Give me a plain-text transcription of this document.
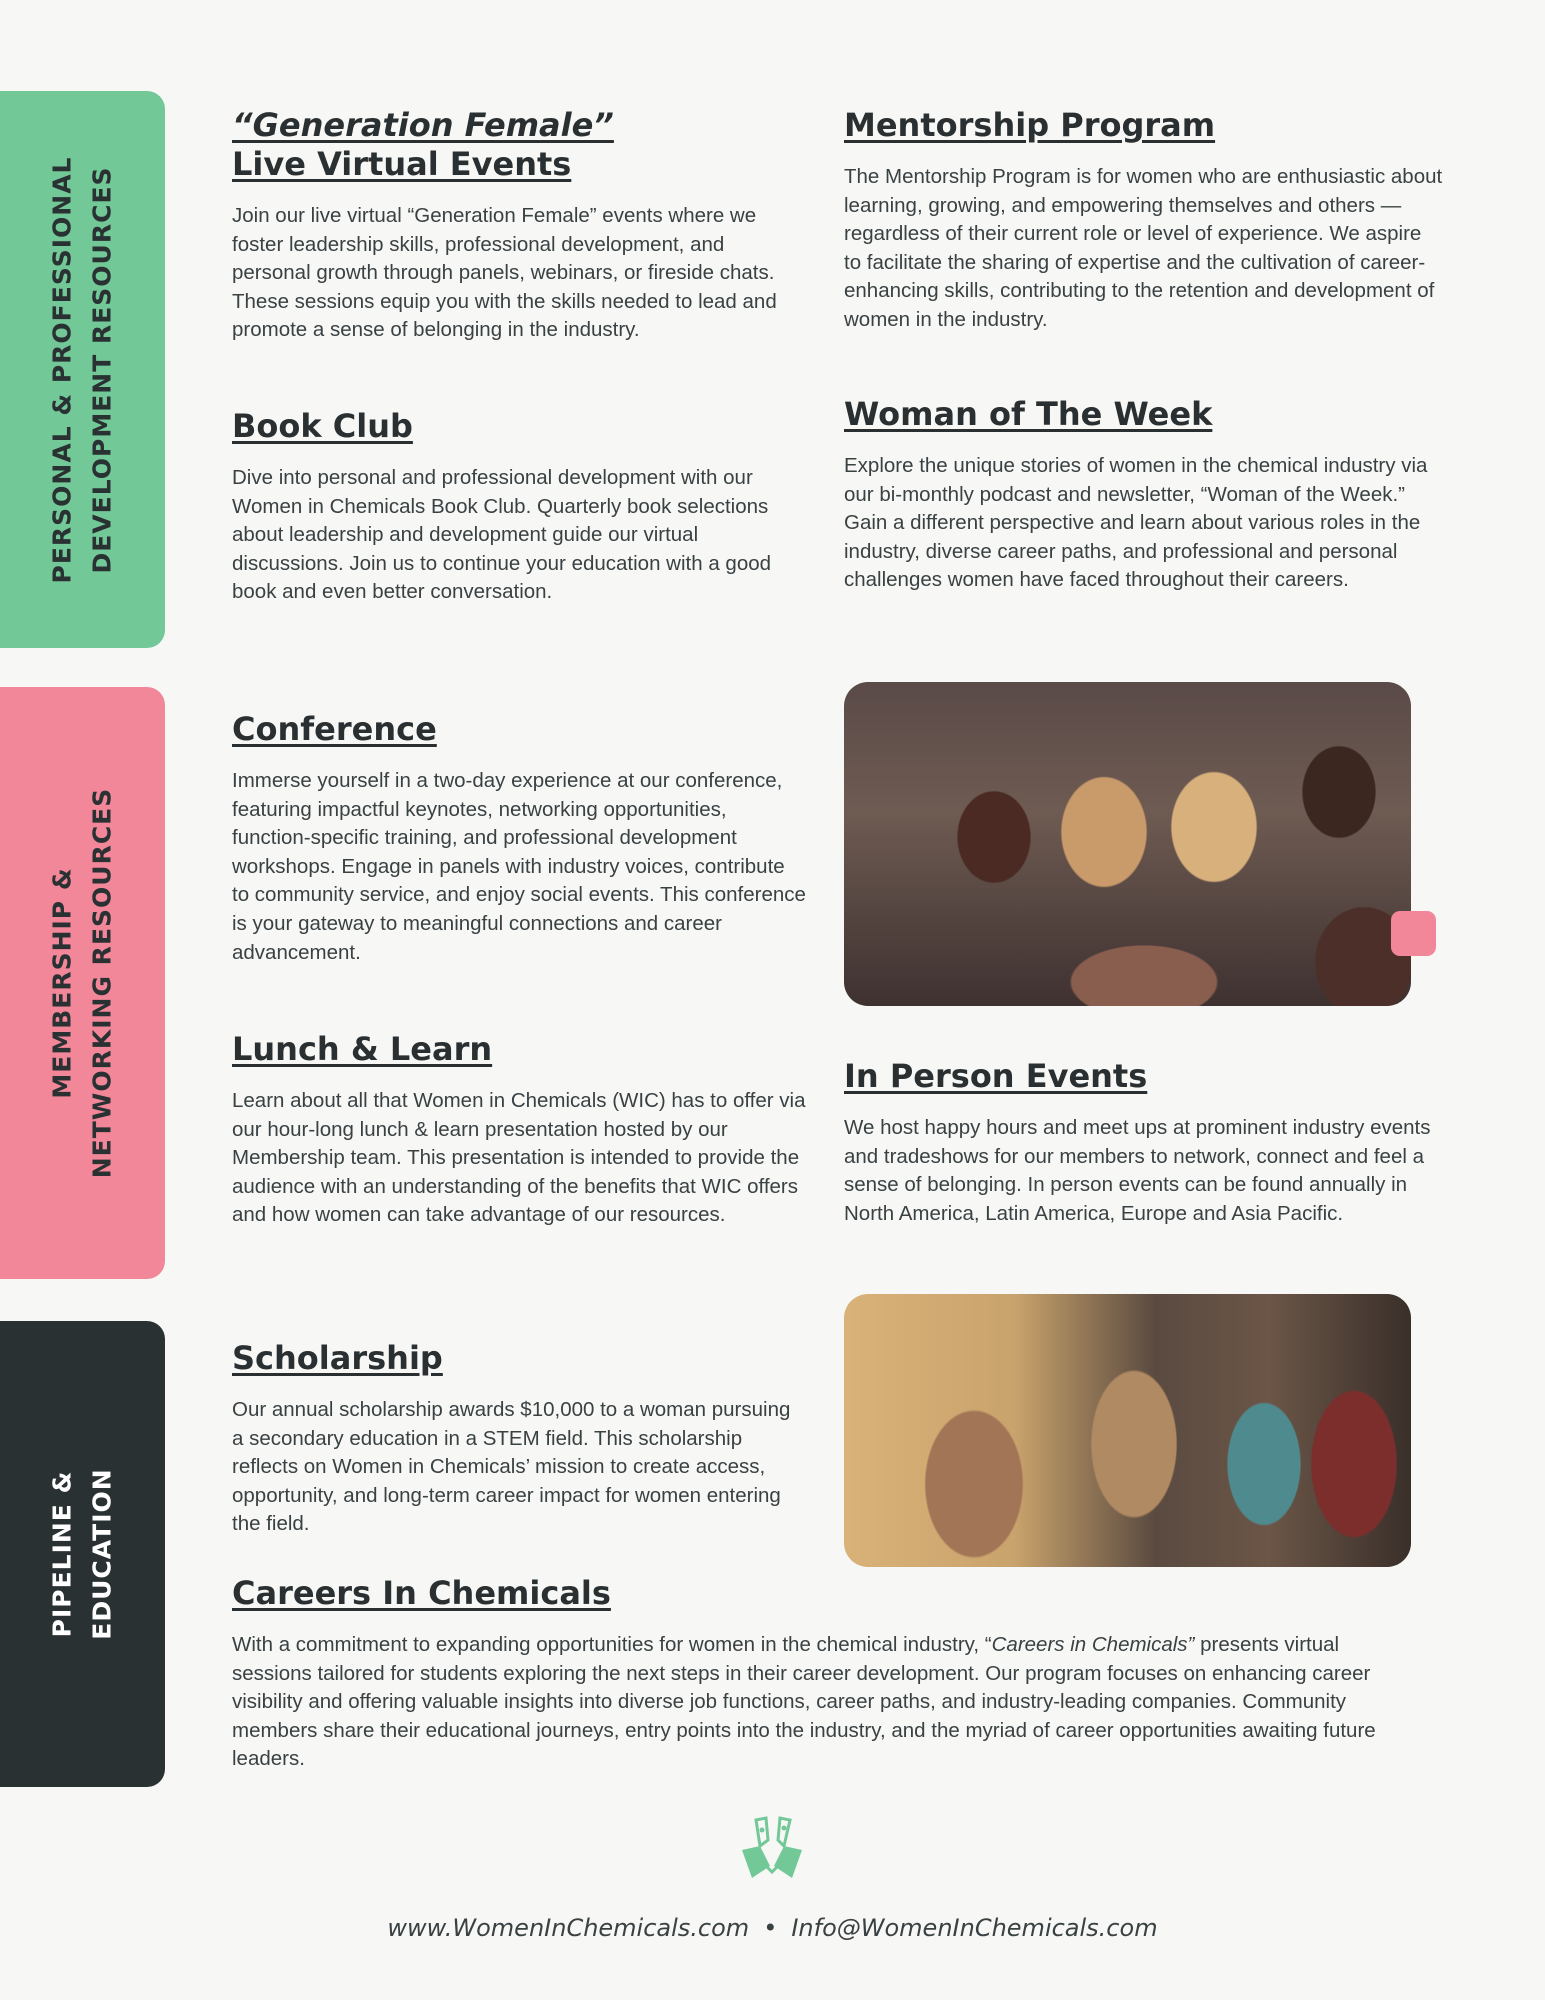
PERSONAL & PROFESSIONAL DEVELOPMENT RESOURCES
MEMBERSHIP & NETWORKING RESOURCES
PIPELINE & EDUCATION
“Generation Female”
Live Virtual Events

Join our live virtual “Generation Female” events where we foster leadership skills, professional development, and personal growth through panels, webinars, or fireside chats. These sessions equip you with the skills needed to lead and promote a sense of belonging in the industry.

Mentorship Program

The Mentorship Program is for women who are enthusiastic about learning, growing, and empowering themselves and others — regardless of their current role or level of experience. We aspire to facilitate the sharing of expertise and the cultivation of career-enhancing skills, contributing to the retention and development of women in the industry.

Book Club

Dive into personal and professional development with our Women in Chemicals Book Club. Quarterly book selections about leadership and development guide our virtual discussions. Join us to continue your education with a good book and even better conversation.

Woman of The Week

Explore the unique stories of women in the chemical industry via our bi-monthly podcast and newsletter, “Woman of the Week.” Gain a different perspective and learn about various roles in the industry, diverse career paths, and professional and personal challenges women have faced throughout their careers.

Conference

Immerse yourself in a two-day experience at our conference, featuring impactful keynotes, networking opportunities, function-specific training, and professional development workshops. Engage in panels with industry voices, contribute to community service, and enjoy social events. This conference is your gateway to meaningful connections and career advancement.

Lunch & Learn

Learn about all that Women in Chemicals (WIC) has to offer via our hour-long lunch & learn presentation hosted by our Membership team. This presentation is intended to provide the audience with an understanding of the benefits that WIC offers and how women can take advantage of our resources.

In Person Events

We host happy hours and meet ups at prominent industry events and tradeshows for our members to network, connect and feel a sense of belonging. In person events can be found annually in North America, Latin America, Europe and Asia Pacific.

Scholarship

Our annual scholarship awards $10,000 to a woman pursuing a secondary education in a STEM field. This scholarship reflects on Women in Chemicals’ mission to create access, opportunity, and long-term career impact for women entering the field.

Careers In Chemicals

With a commitment to expanding opportunities for women in the chemical industry, “Careers in Chemicals” presents virtual sessions tailored for students exploring the next steps in their career development. Our program focuses on enhancing career visibility and offering valuable insights into diverse job functions, career paths, and industry-leading companies. Community members share their educational journeys, entry points into the industry, and the myriad of career opportunities awaiting future leaders.

www.WomenInChemicals.com • Info@WomenInChemicals.com
